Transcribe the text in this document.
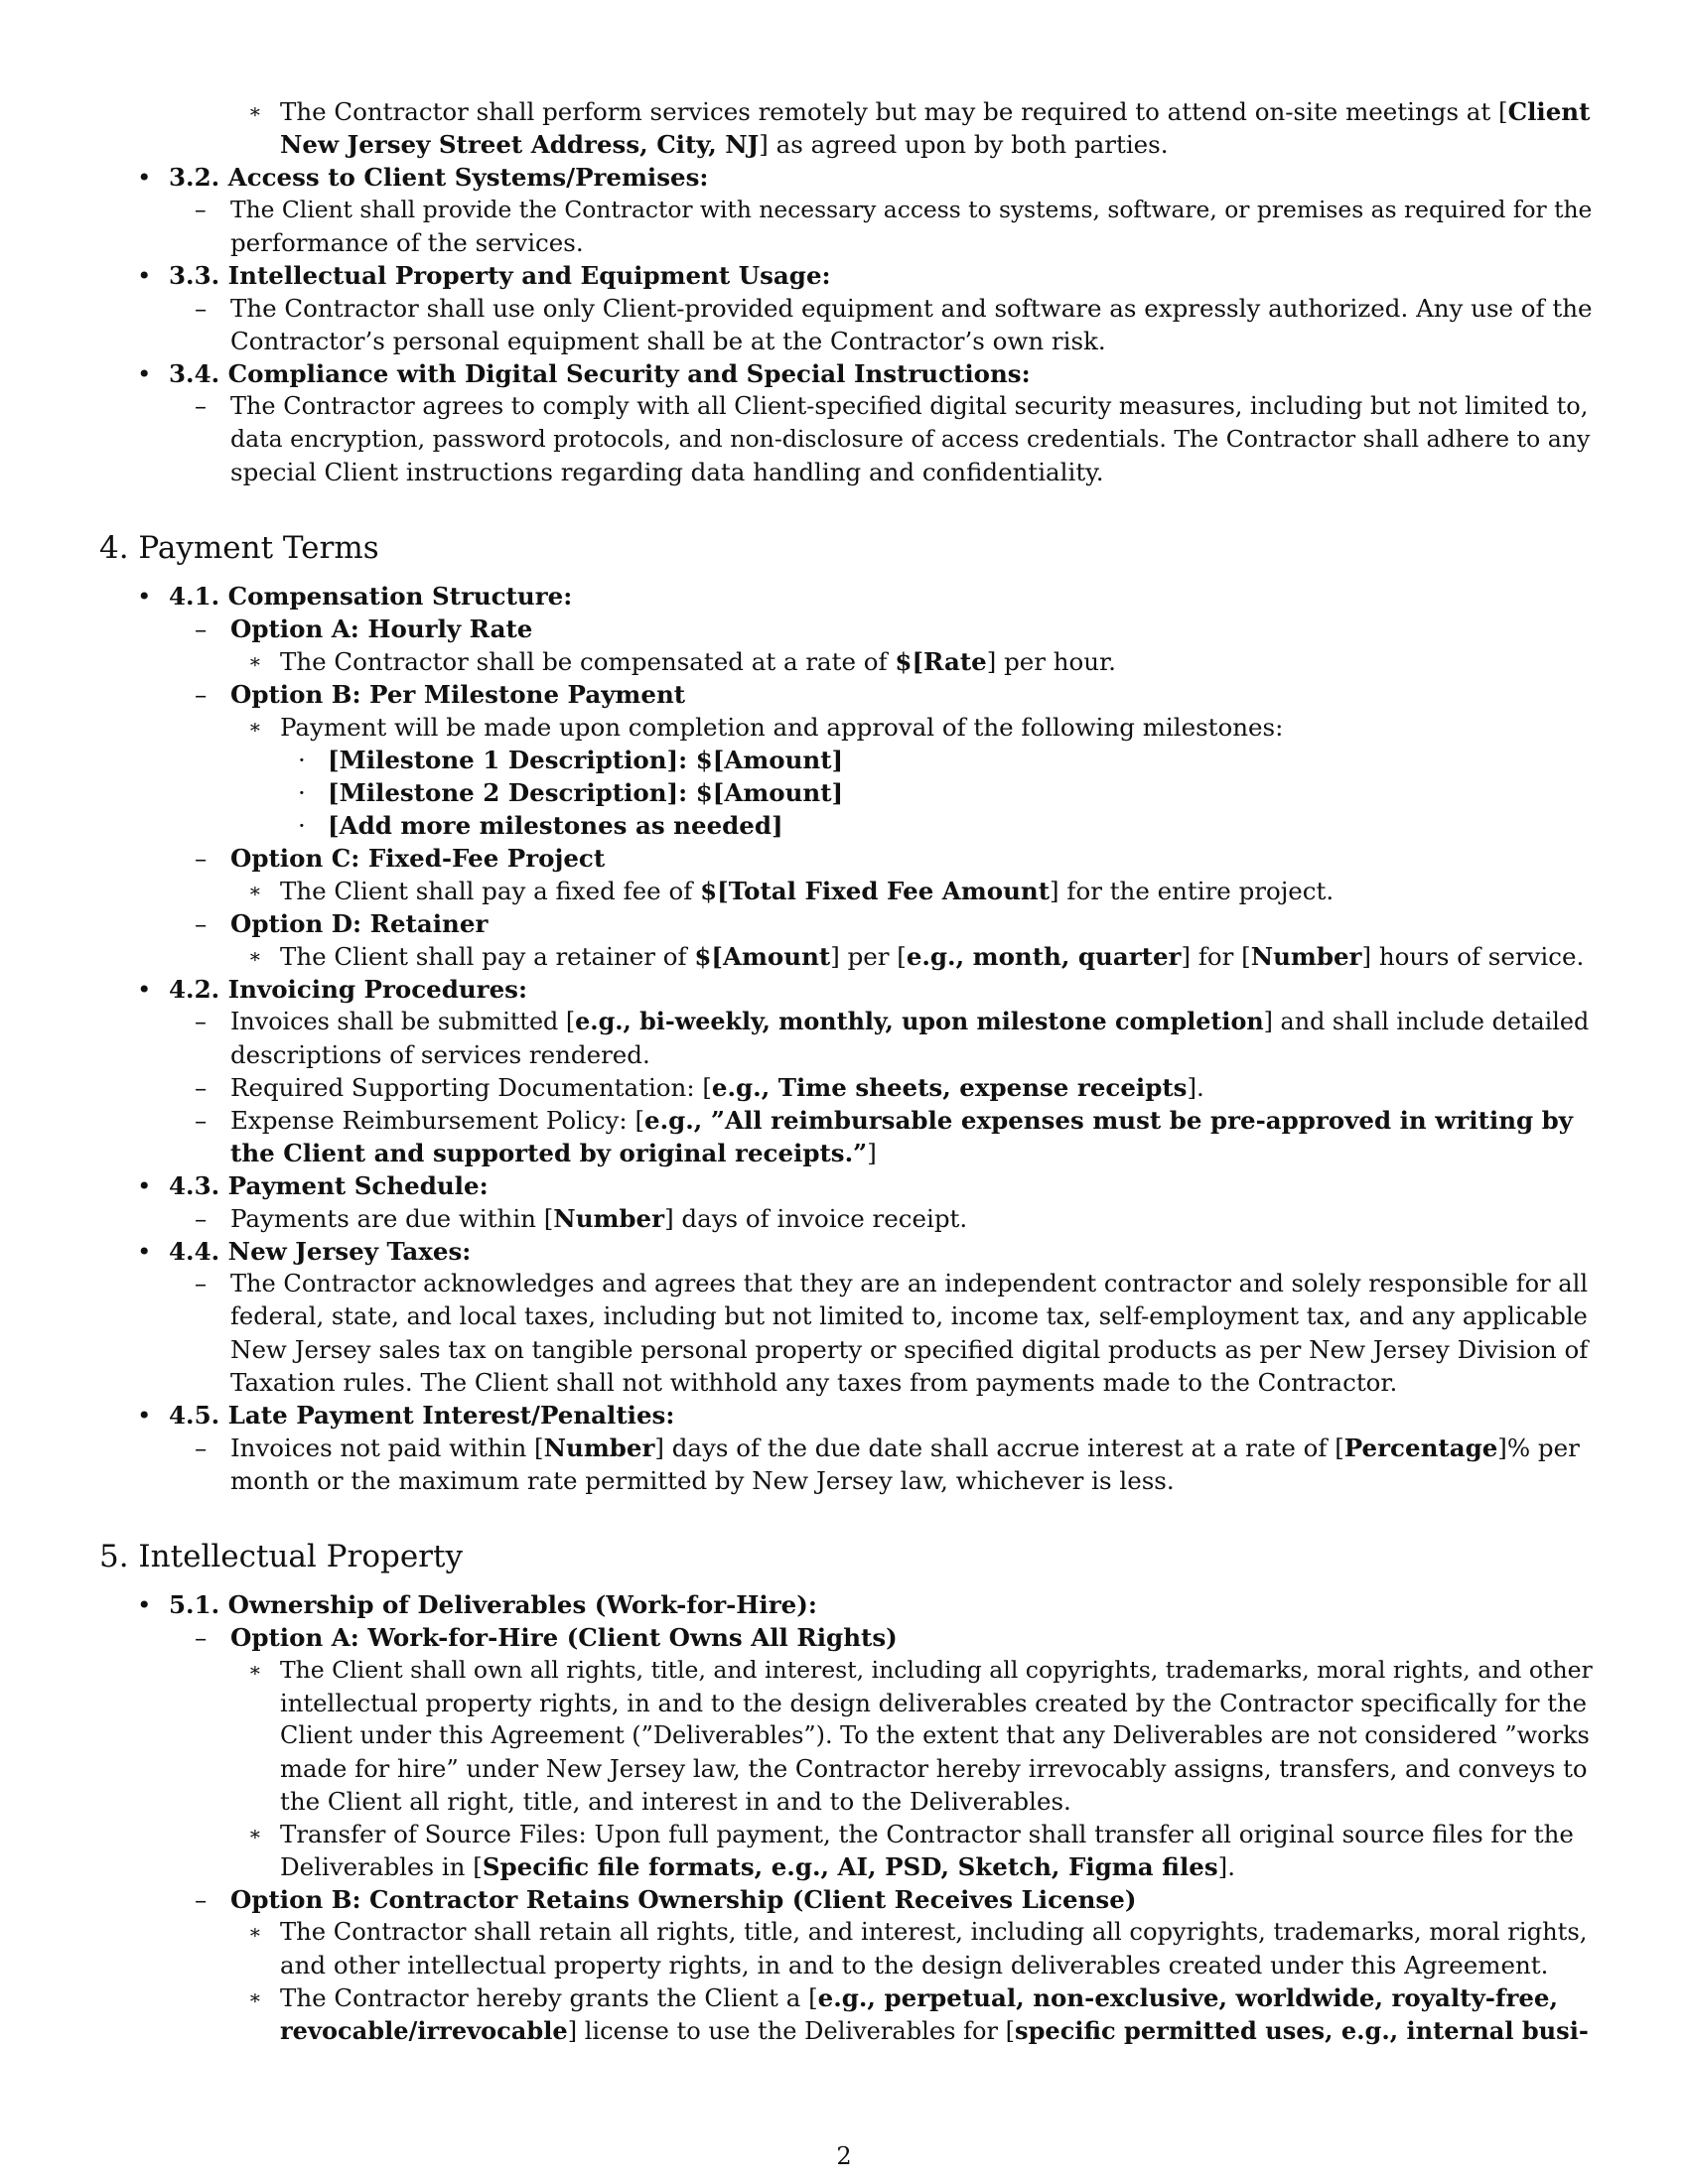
∗ The Contractor shall perform services remotely but may be required to attend on-site meetings at [Client
New Jersey Street Address, City, NJ] as agreed upon by both parties.
• 3.2. Access to Client Systems/Premises:
– The Client shall provide the Contractor with necessary access to systems, software, or premises as required for the
performance of the services.
• 3.3. Intellectual Property and Equipment Usage:
– The Contractor shall use only Client-provided equipment and software as expressly authorized. Any use of the
Contractor’s personal equipment shall be at the Contractor’s own risk.
• 3.4. Compliance with Digital Security and Special Instructions:
– The Contractor agrees to comply with all Client-specified digital security measures, including but not limited to,
data encryption, password protocols, and non-disclosure of access credentials. The Contractor shall adhere to any
special Client instructions regarding data handling and confidentiality.
4. Payment Terms
• 4.1. Compensation Structure:
– Option A: Hourly Rate
∗ The Contractor shall be compensated at a rate of $[Rate] per hour.
– Option B: Per Milestone Payment
∗ Payment will be made upon completion and approval of the following milestones:
· [Milestone 1 Description]: $[Amount]
· [Milestone 2 Description]: $[Amount]
· [Add more milestones as needed]
– Option C: Fixed-Fee Project
∗ The Client shall pay a fixed fee of $[Total Fixed Fee Amount] for the entire project.
– Option D: Retainer
∗ The Client shall pay a retainer of $[Amount] per [e.g., month, quarter] for [Number] hours of service.
• 4.2. Invoicing Procedures:
– Invoices shall be submitted [e.g., bi-weekly, monthly, upon milestone completion] and shall include detailed
descriptions of services rendered.
– Required Supporting Documentation: [e.g., Time sheets, expense receipts].
– Expense Reimbursement Policy: [e.g., ”All reimbursable expenses must be pre-approved in writing by
the Client and supported by original receipts.”]
• 4.3. Payment Schedule:
– Payments are due within [Number] days of invoice receipt.
• 4.4. New Jersey Taxes:
– The Contractor acknowledges and agrees that they are an independent contractor and solely responsible for all
federal, state, and local taxes, including but not limited to, income tax, self-employment tax, and any applicable
New Jersey sales tax on tangible personal property or specified digital products as per New Jersey Division of
Taxation rules. The Client shall not withhold any taxes from payments made to the Contractor.
• 4.5. Late Payment Interest/Penalties:
– Invoices not paid within [Number] days of the due date shall accrue interest at a rate of [Percentage]% per
month or the maximum rate permitted by New Jersey law, whichever is less.
5. Intellectual Property
• 5.1. Ownership of Deliverables (Work-for-Hire):
– Option A: Work-for-Hire (Client Owns All Rights)
∗ The Client shall own all rights, title, and interest, including all copyrights, trademarks, moral rights, and other
intellectual property rights, in and to the design deliverables created by the Contractor specifically for the
Client under this Agreement (”Deliverables”). To the extent that any Deliverables are not considered ”works
made for hire” under New Jersey law, the Contractor hereby irrevocably assigns, transfers, and conveys to
the Client all right, title, and interest in and to the Deliverables.
∗ Transfer of Source Files: Upon full payment, the Contractor shall transfer all original source files for the
Deliverables in [Specific file formats, e.g., AI, PSD, Sketch, Figma files].
– Option B: Contractor Retains Ownership (Client Receives License)
∗ The Contractor shall retain all rights, title, and interest, including all copyrights, trademarks, moral rights,
and other intellectual property rights, in and to the design deliverables created under this Agreement.
∗ The Contractor hereby grants the Client a [e.g., perpetual, non-exclusive, worldwide, royalty-free,
revocable/irrevocable] license to use the Deliverables for [specific permitted uses, e.g., internal busi-
2
